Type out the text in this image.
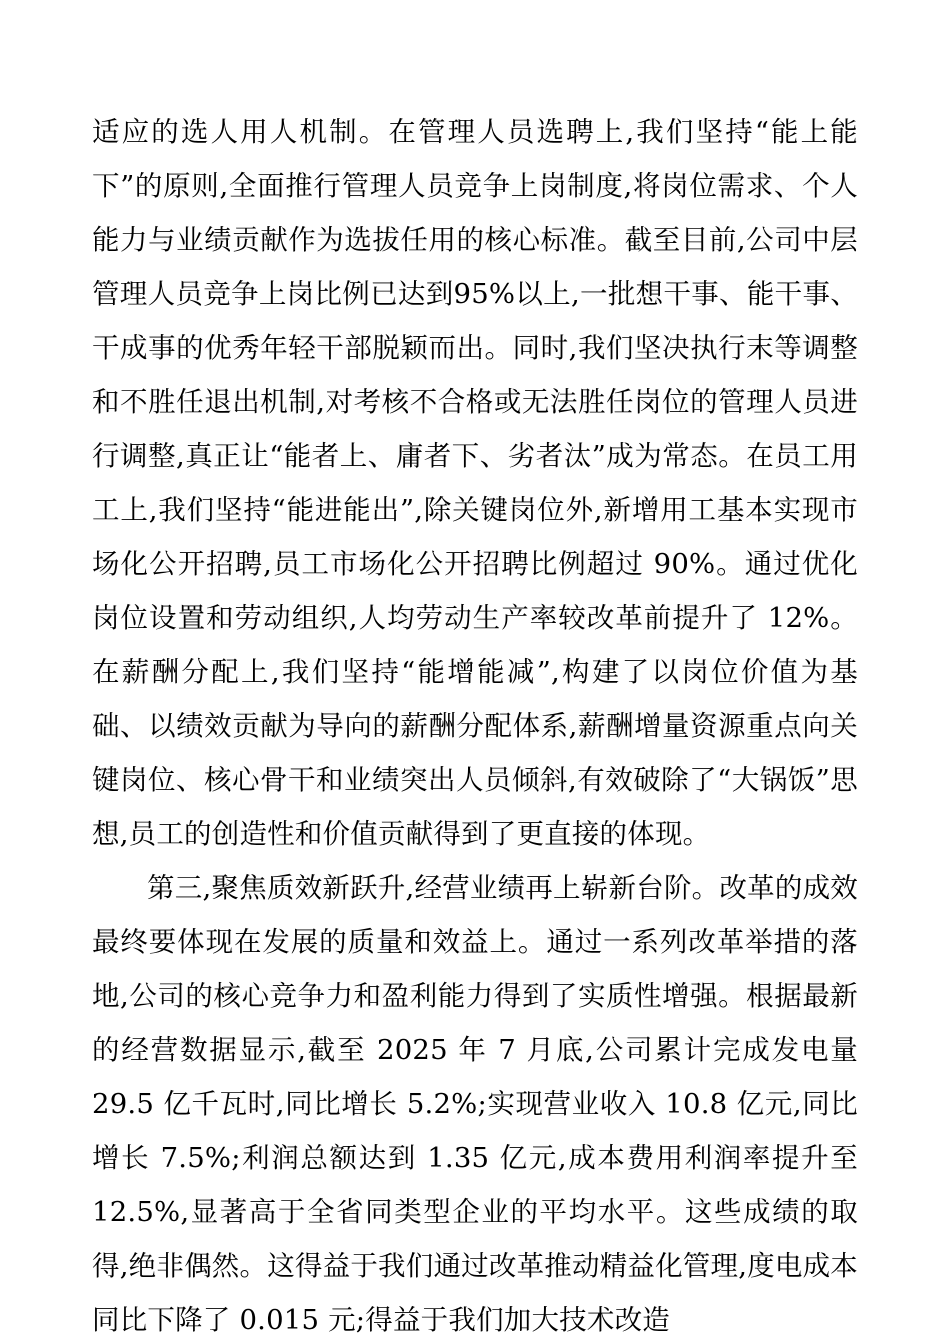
适应的选人用人机制。在管理人员选聘上,我们坚持“能上能下”的原则,全面推行管理人员竞争上岗制度,将岗位需求、个人能力与业绩贡献作为选拔任用的核心标准。截至目前,公司中层管理人员竞争上岗比例已达到95%以上,一批想干事、能干事、干成事的优秀年轻干部脱颖而出。同时,我们坚决执行末等调整和不胜任退出机制,对考核不合格或无法胜任岗位的管理人员进行调整,真正让“能者上、庸者下、劣者汰”成为常态。在员工用工上,我们坚持“能进能出”,除关键岗位外,新增用工基本实现市场化公开招聘,员工市场化公开招聘比例超过 90%。通过优化岗位设置和劳动组织,人均劳动生产率较改革前提升了 12%。在薪酬分配上,我们坚持“能增能减”,构建了以岗位价值为基础、以绩效贡献为导向的薪酬分配体系,薪酬增量资源重点向关键岗位、核心骨干和业绩突出人员倾斜,有效破除了“大锅饭”思想,员工的创造性和价值贡献得到了更直接的体现。

第三,聚焦质效新跃升,经营业绩再上崭新台阶。改革的成效最终要体现在发展的质量和效益上。通过一系列改革举措的落地,公司的核心竞争力和盈利能力得到了实质性增强。根据最新的经营数据显示,截至 2025 年 7 月底,公司累计完成发电量 29.5 亿千瓦时,同比增长 5.2%;实现营业收入 10.8 亿元,同比增长 7.5%;利润总额达到 1.35 亿元,成本费用利润率提升至 12.5%,显著高于全省同类型企业的平均水平。这些成绩的取得,绝非偶然。这得益于我们通过改革推动精益化管理,度电成本同比下降了 0.015 元;得益于我们加大技术改造
